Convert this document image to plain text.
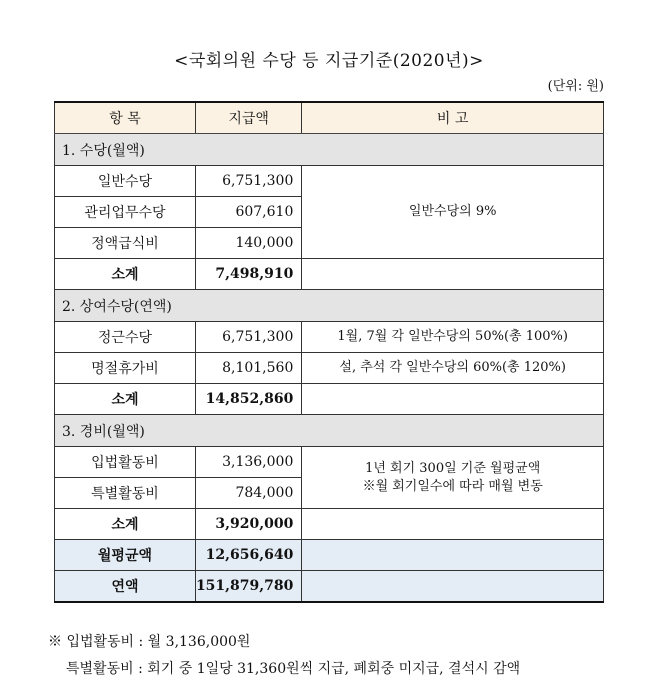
<국회의원 수당 등 지급기준(2020년)>
(단위: 원)
항 목	지급액	비 고
1. 수당(월액)		
일반수당	6,751,300	일반수당의 9%
관리업무수당	607,610	
정액급식비	140,000	
소계	7,498,910	
2. 상여수당(연액)		
정근수당	6,751,300	1월, 7월 각 일반수당의 50%(총 100%)
명절휴가비	8,101,560	설, 추석 각 일반수당의 60%(총 120%)
소계	14,852,860	
3. 경비(월액)		
입법활동비	3,136,000	1년 회기 300일 기준 월평균액
※월 회기일수에 따라 매월 변동

특별활동비	784,000	
소계	3,920,000	
월평균액	12,656,640	
연액	151,879,780	
※ 입법활동비 : 월 3,136,000원
특별활동비 : 회기 중 1일당 31,360원씩 지급, 폐회중 미지급, 결석시 감액
